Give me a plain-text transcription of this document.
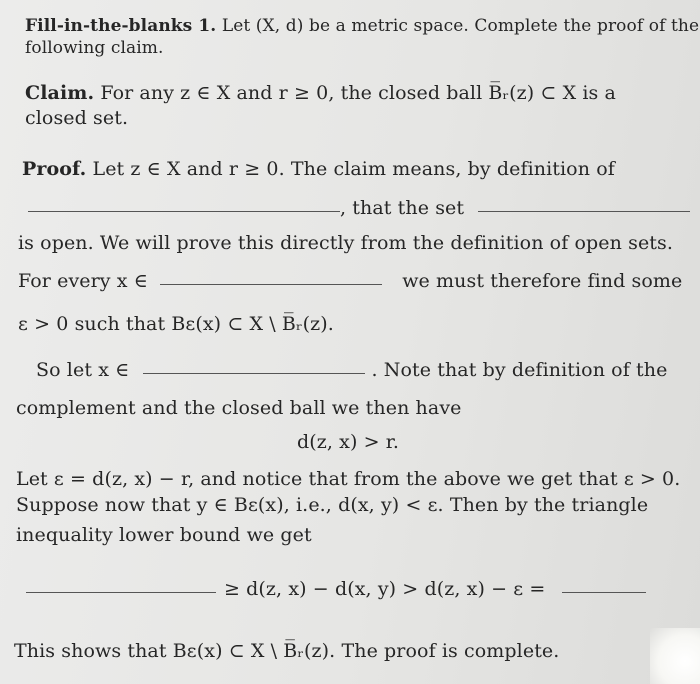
Fill-in-the-blanks 1. Let (X, d) be a metric space. Complete the proof of the
following claim.
Claim. For any z ∈ X and r ≥ 0, the closed ball B̅ᵣ(z) ⊂ X is a
closed set.
Proof. Let z ∈ X and r ≥ 0. The claim means, by definition of
, that the set
is open. We will prove this directly from the definition of open sets.
For every x ∈	we must therefore find some
ε > 0 such that Bε(x) ⊂ X \ B̅ᵣ(z).
So let x ∈	. Note that by definition of the
complement and the closed ball we then have
d(z, x) > r.
Let ε = d(z, x) − r, and notice that from the above we get that ε > 0.
Suppose now that y ∈ Bε(x), i.e., d(x, y) < ε. Then by the triangle
inequality lower bound we get
≥ d(z, x) − d(x, y) > d(z, x) − ε =
This shows that Bε(x) ⊂ X \ B̅ᵣ(z). The proof is complete.
